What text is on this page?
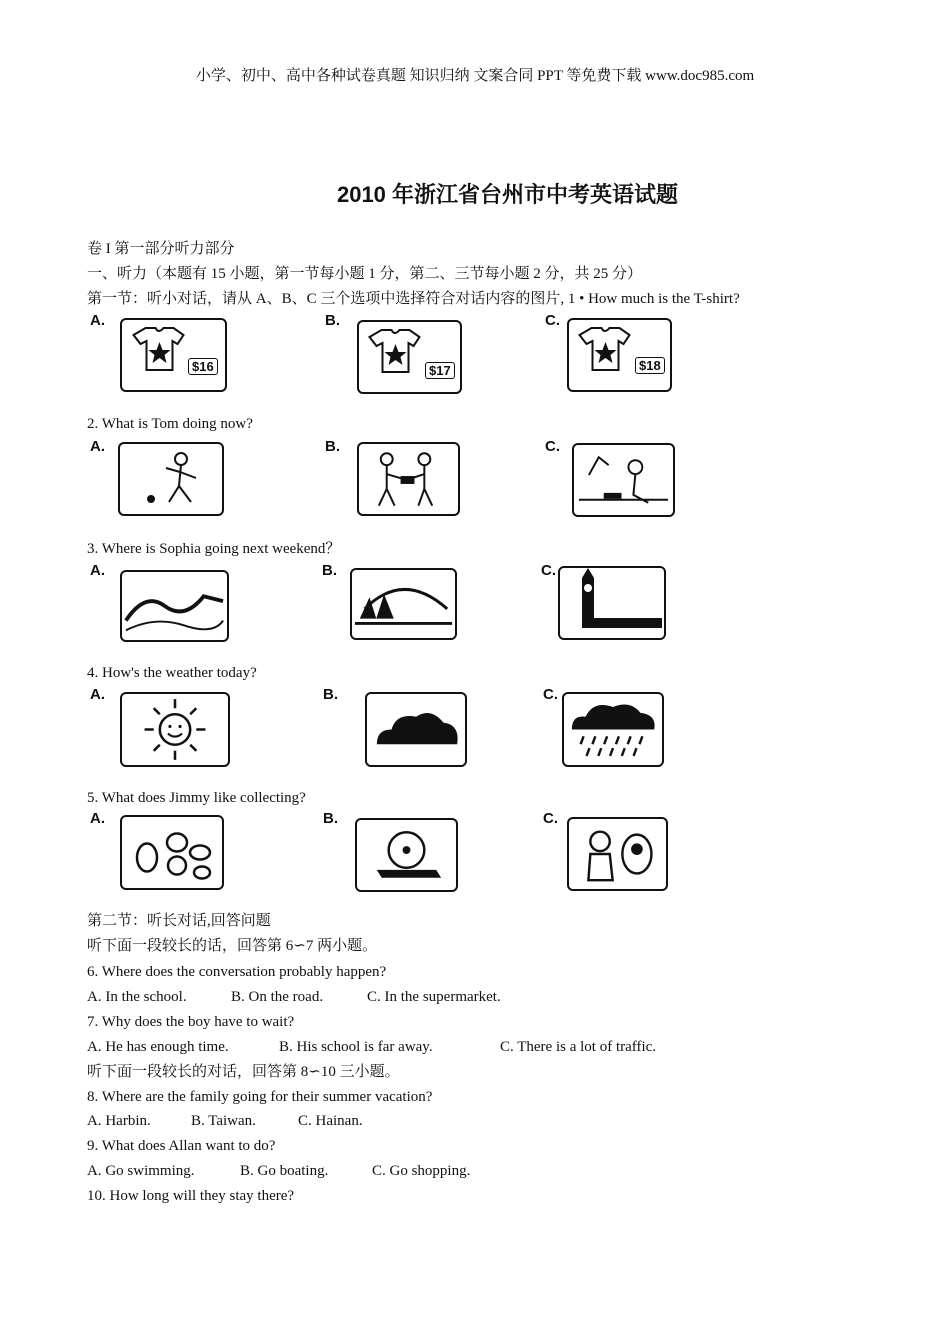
小学、初中、高中各种试卷真题 知识归纳 文案合同 PPT 等免费下载 www.doc985.com
2010 年浙江省台州市中考英语试题
卷 I 第一部分听力部分
一、听力（本题有 15 小题，第一节每小题 1 分，第二、三节每小题 2 分，共 25 分）
第一节：听小对话，请从 A、B、C 三个选项中选择符合对话内容的图片, 1 • How much is the T-shirt?
A.	B.	C.
$16	$17	$18
2. What is Tom doing now?
A.	B.	C.
3. Where is Sophia going next weekend？
A.	B.	C.
4. How's the weather today?
A.	B.	C.
5. What does Jimmy like collecting?
A.	B.	C.
第二节：听长对话,回答问题
听下面一段较长的话，回答第 6∽7 两小题。
6. Where does the conversation probably happen?
A. In the school.	B. On the road.	C. In the supermarket.
7. Why does the boy have to wait?
A. He has enough time.	B. His school is far away.	C. There is a lot of traffic.
听下面一段较长的对话，回答第 8∽10 三小题。
8. Where are the family going for their summer vacation?
A. Harbin.	B. Taiwan.	C. Hainan.
9. What does Allan want to do?
A. Go swimming.	B. Go boating.	C. Go shopping.
10. How long will they stay there?
